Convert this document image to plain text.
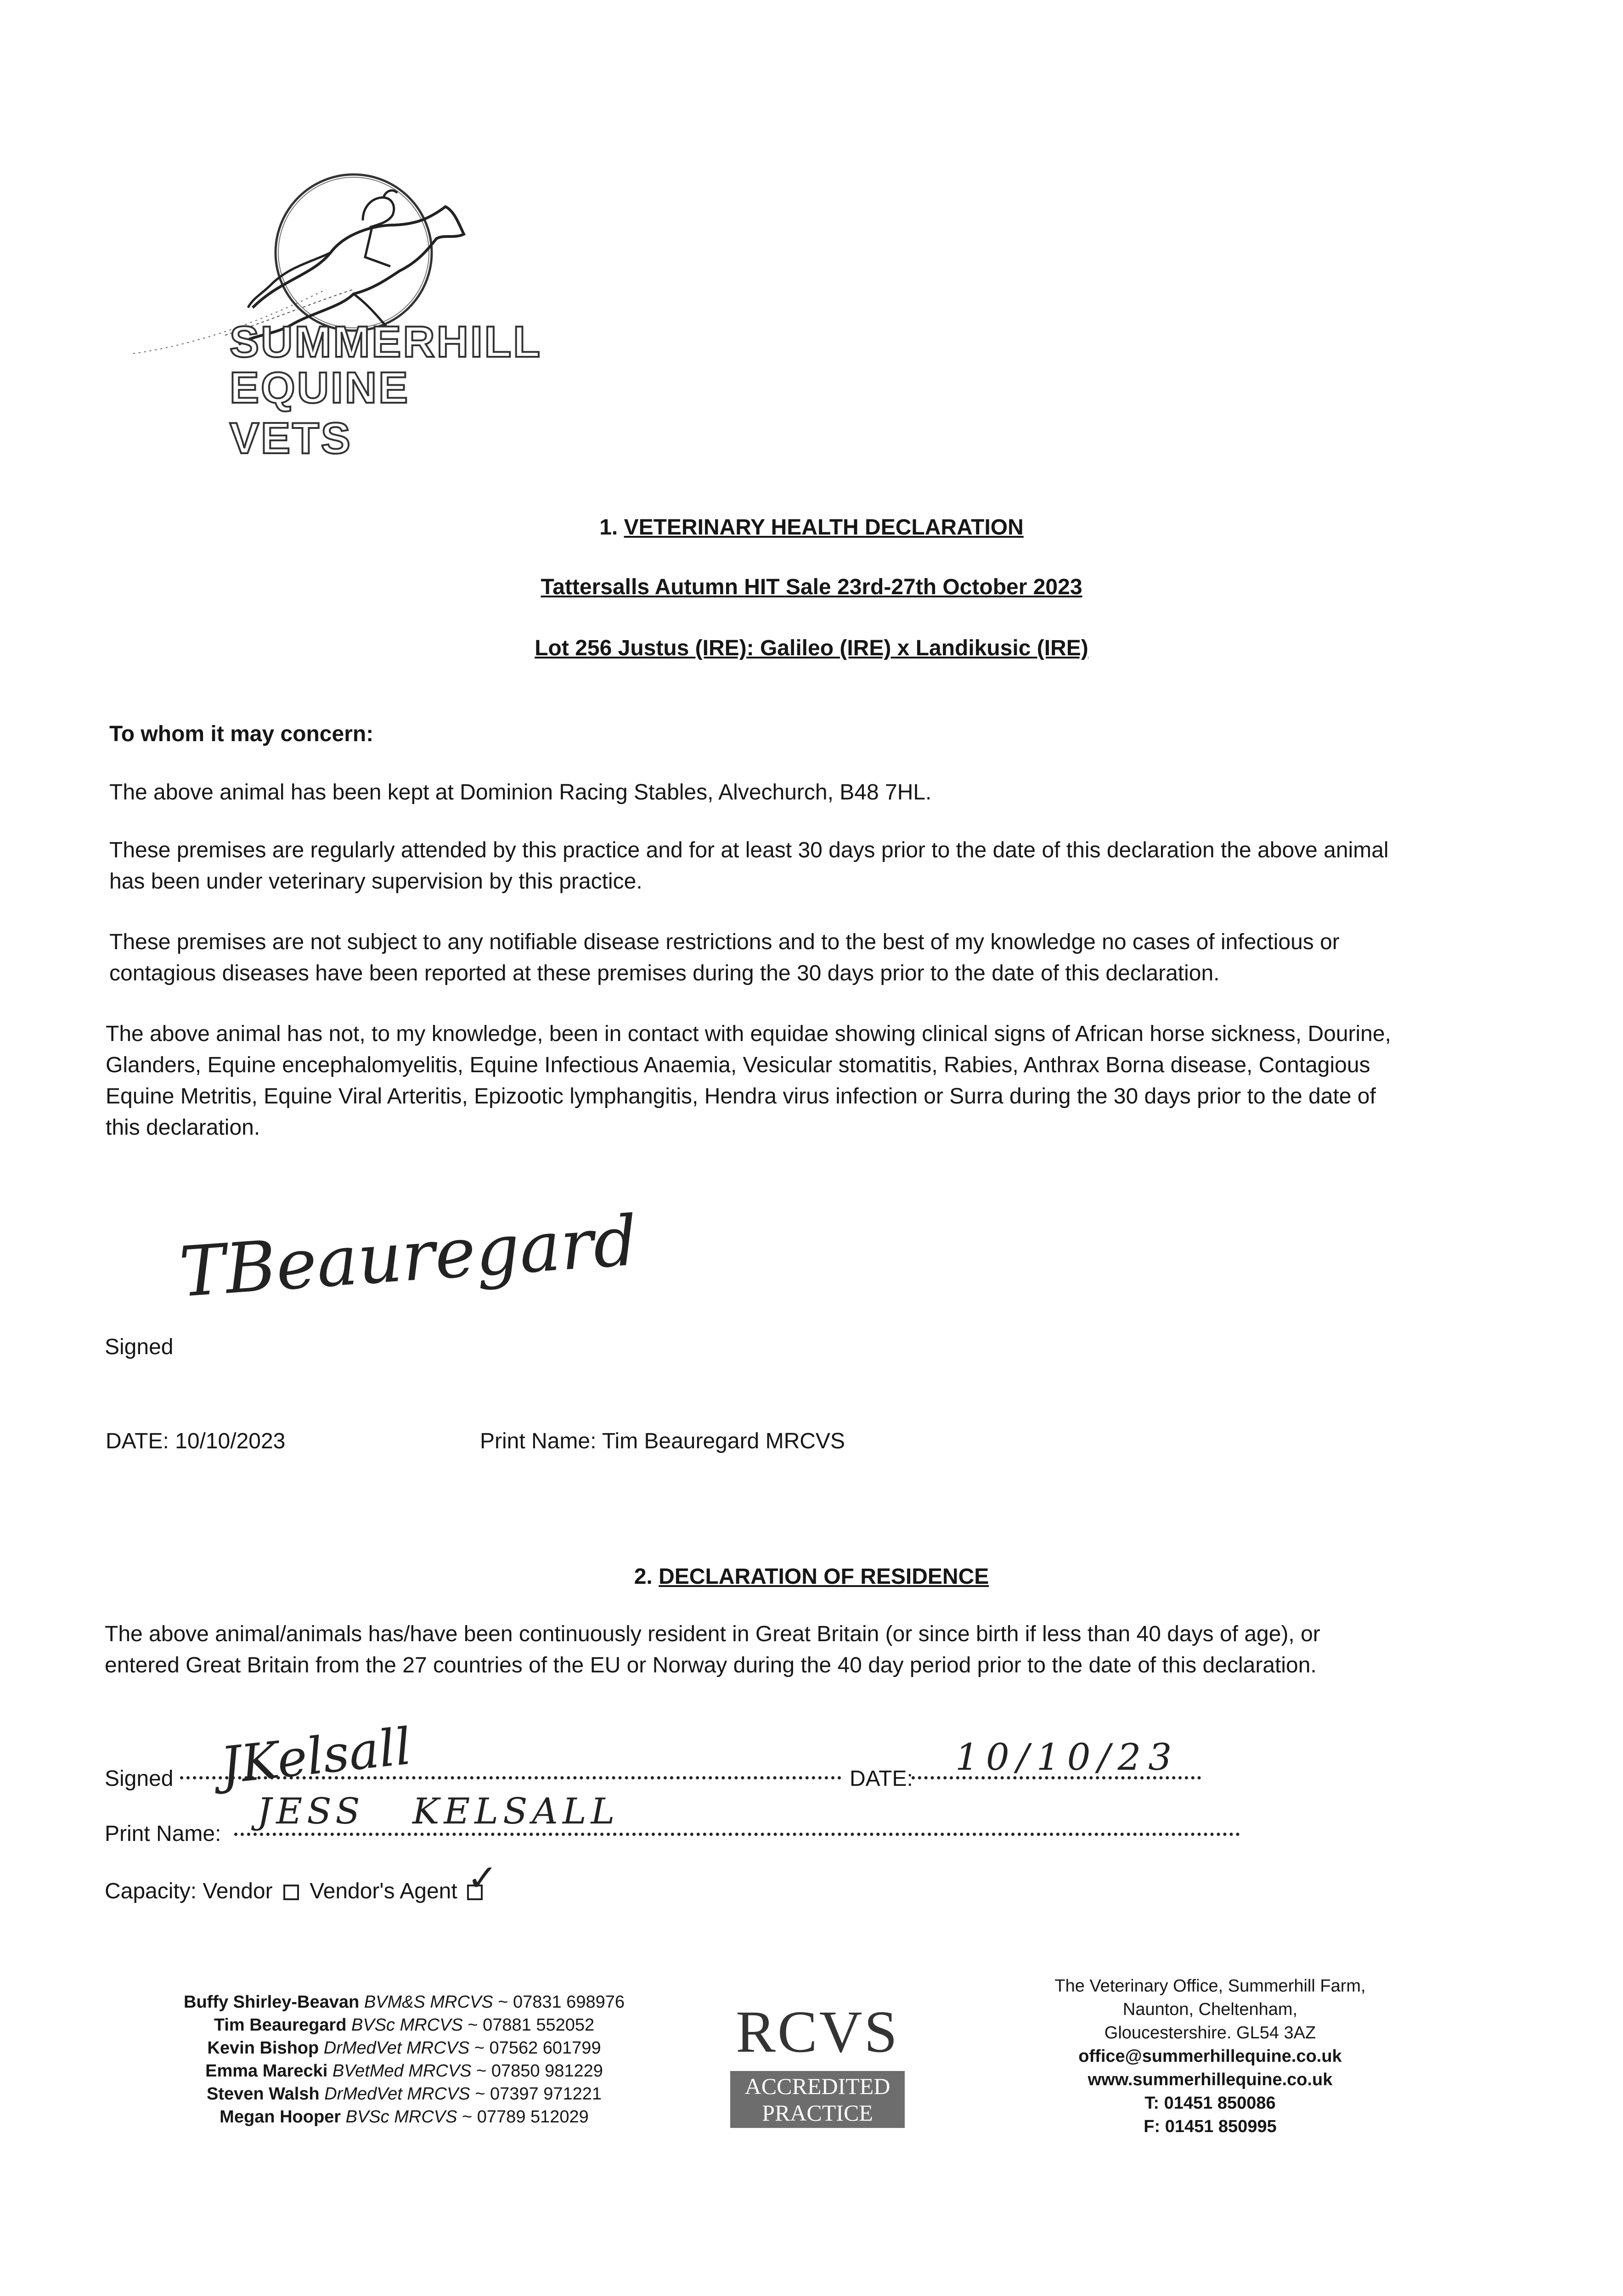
SUMMERHILL
EQUINE VETS
1. VETERINARY HEALTH DECLARATION
Tattersalls Autumn HIT Sale 23rd-27th October 2023
Lot 256 Justus (IRE): Galileo (IRE) x Landikusic (IRE)
To whom it may concern:
The above animal has been kept at Dominion Racing Stables, Alvechurch, B48 7HL.
These premises are regularly attended by this practice and for at least 30 days prior to the date of this declaration the above animal
has been under veterinary supervision by this practice.
These premises are not subject to any notifiable disease restrictions and to the best of my knowledge no cases of infectious or
contagious diseases have been reported at these premises during the 30 days prior to the date of this declaration.
The above animal has not, to my knowledge, been in contact with equidae showing clinical signs of African horse sickness, Dourine,
Glanders, Equine encephalomyelitis, Equine Infectious Anaemia, Vesicular stomatitis, Rabies, Anthrax Borna disease, Contagious
Equine Metritis, Equine Viral Arteritis, Epizootic lymphangitis, Hendra virus infection or Surra during the 30 days prior to the date of
this declaration.
TBeauregard
Signed
DATE: 10/10/2023	Print Name: Tim Beauregard MRCVS
2. DECLARATION OF RESIDENCE
The above animal/animals has/have been continuously resident in Great Britain (or since birth if less than 40 days of age), or
entered Great Britain from the 27 countries of the EU or Norway during the 40 day period prior to the date of this declaration.
Signed JKelsall	DATE:
10/10/23
Print Name:
JESS   KELSALL
Capacity: Vendor Vendor's Agent ✓
Buffy Shirley-Beavan BVM&S MRCVS ~ 07831 698976
Tim Beauregard BVSc MRCVS ~ 07881 552052
Kevin Bishop DrMedVet MRCVS ~ 07562 601799
Emma Marecki BVetMed MRCVS ~ 07850 981229
Steven Walsh DrMedVet MRCVS ~ 07397 971221
Megan Hooper BVSc MRCVS ~ 07789 512029
RCVS
ACCREDITED
PRACTICE
The Veterinary Office, Summerhill Farm,
Naunton, Cheltenham,
Gloucestershire. GL54 3AZ
office@summerhillequine.co.uk
www.summerhillequine.co.uk
T: 01451 850086
F: 01451 850995
